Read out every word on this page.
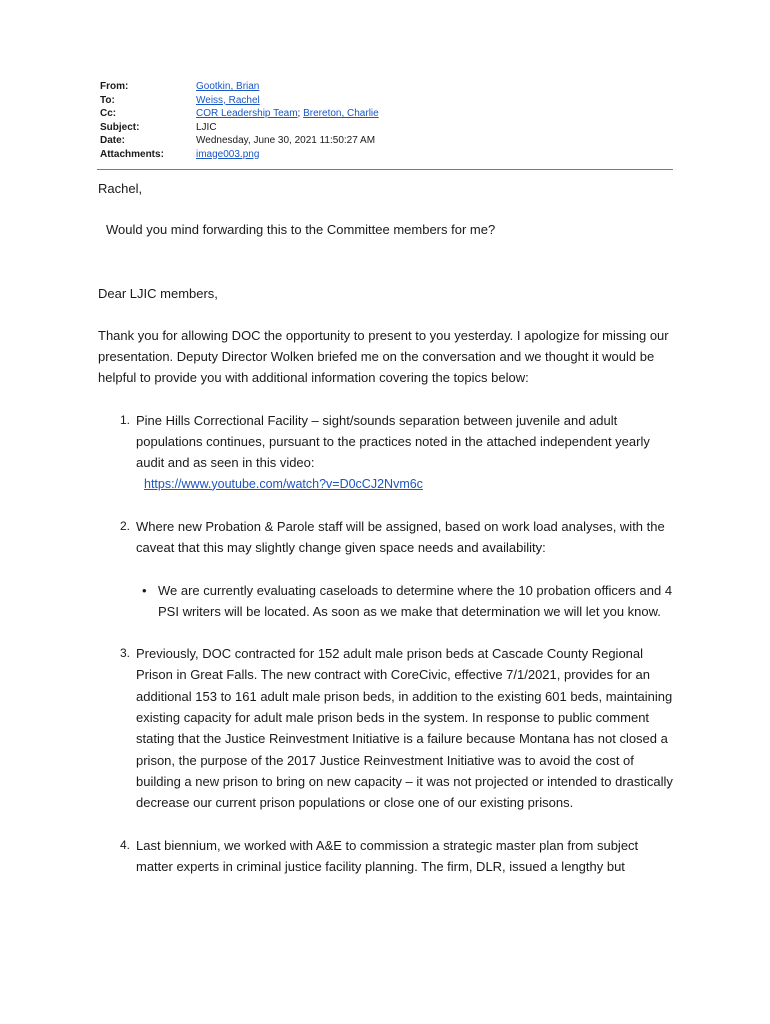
From:	Gootkin, Brian
To:	Weiss, Rachel
Cc:	COR Leadership Team; Brereton, Charlie
Subject:	LJIC
Date:	Wednesday, June 30, 2021 11:50:27 AM
Attachments:	image003.png

Rachel,

Would you mind forwarding this to the Committee members for me?

Dear LJIC members,

Thank you for allowing DOC the opportunity to present to you yesterday. I apologize for missing our presentation. Deputy Director Wolken briefed me on the conversation and we thought it would be helpful to provide you with additional information covering the topics below:

1. Pine Hills Correctional Facility – sight/sounds separation between juvenile and adult populations continues, pursuant to the practices noted in the attached independent yearly audit and as seen in this video:
https://www.youtube.com/watch?v=D0cCJ2Nvm6c
2. Where new Probation & Parole staff will be assigned, based on work load analyses, with the caveat that this may slightly change given space needs and availability:
• We are currently evaluating caseloads to determine where the 10 probation officers and 4 PSI writers will be located. As soon as we make that determination we will let you know.
3. Previously, DOC contracted for 152 adult male prison beds at Cascade County Regional Prison in Great Falls. The new contract with CoreCivic, effective 7/1/2021, provides for an additional 153 to 161 adult male prison beds, in addition to the existing 601 beds, maintaining existing capacity for adult male prison beds in the system. In response to public comment stating that the Justice Reinvestment Initiative is a failure because Montana has not closed a prison, the purpose of the 2017 Justice Reinvestment Initiative was to avoid the cost of building a new prison to bring on new capacity – it was not projected or intended to drastically decrease our current prison populations or close one of our existing prisons.
4. Last biennium, we worked with A&E to commission a strategic master plan from subject matter experts in criminal justice facility planning. The firm, DLR, issued a lengthy but
